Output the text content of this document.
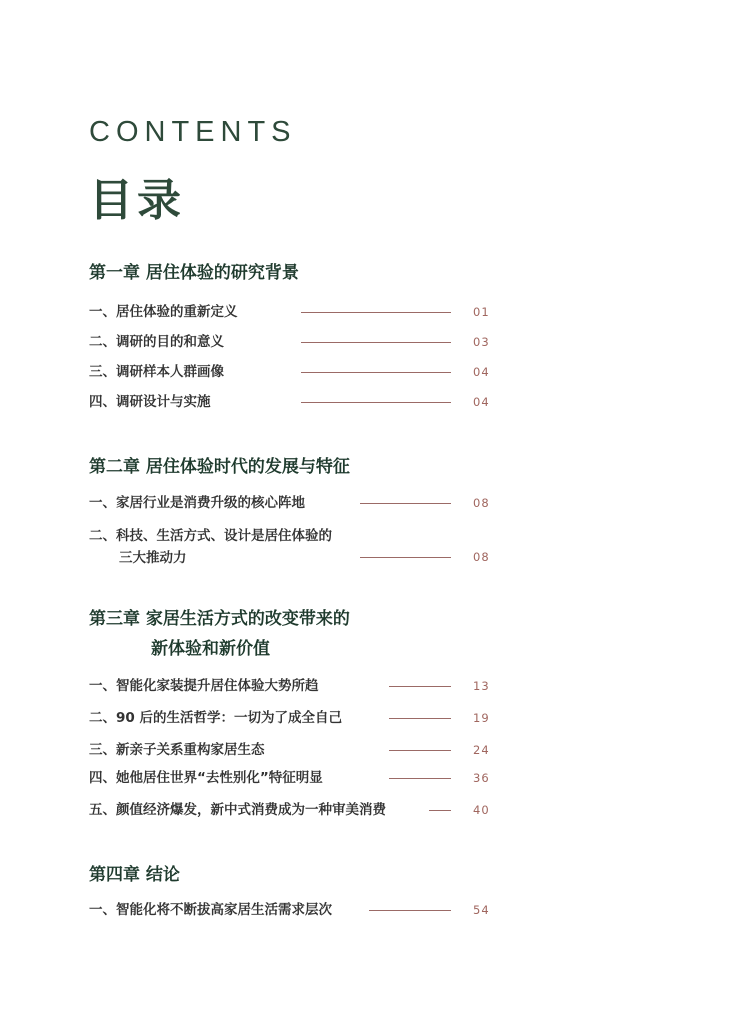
CONTENTS
目录
第一章 居住体验的研究背景
一、居住体验的重新定义	01
二、调研的目的和意义	03
三、调研样本人群画像	04
四、调研设计与实施	04
第二章 居住体验时代的发展与特征
一、家居行业是消费升级的核心阵地	08
二、科技、生活方式、设计是居住体验的
三大推动力	08
第三章 家居生活方式的改变带来的
新体验和新价值
一、智能化家装提升居住体验大势所趋	13
二、90 后的生活哲学：一切为了成全自己	19
三、新亲子关系重构家居生态	24
四、她他居住世界“去性别化”特征明显	36
五、颜值经济爆发，新中式消费成为一种审美消费	40
第四章 结论
一、智能化将不断拔高家居生活需求层次	54
